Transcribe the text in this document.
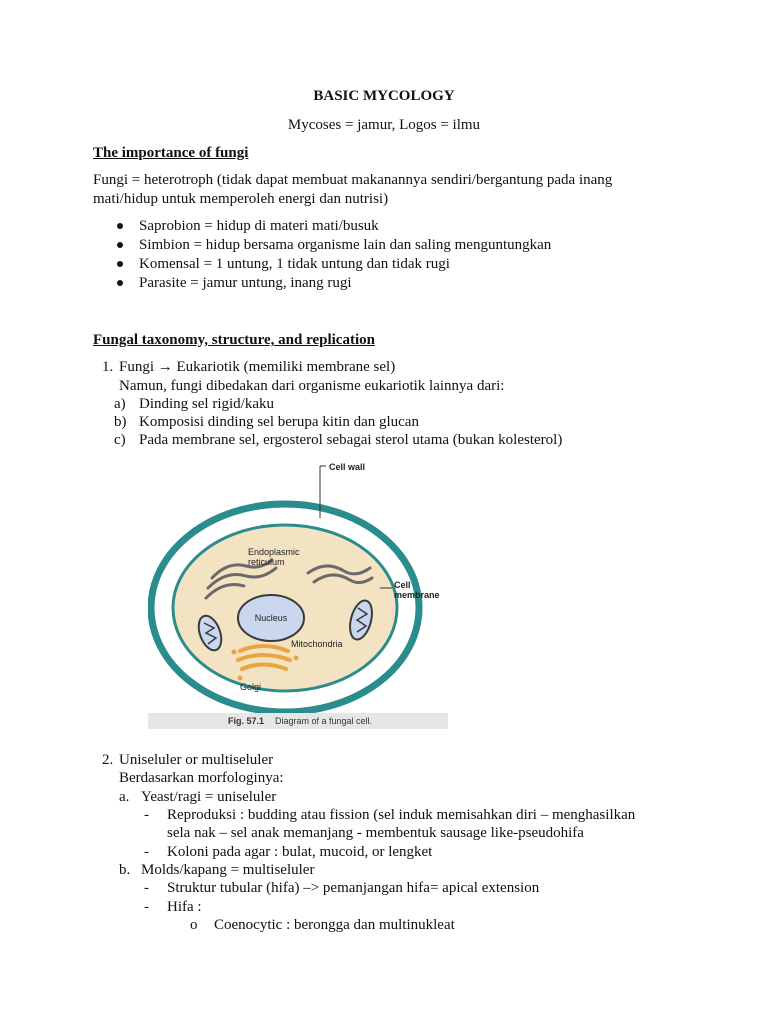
BASIC MYCOLOGY
Mycoses = jamur, Logos = ilmu
The importance of fungi
Fungi = heterotroph (tidak dapat membuat makanannya sendiri/bergantung pada inang
mati/hidup untuk memperoleh energi dan nutrisi)
Saprobion = hidup di materi mati/busuk
Simbion = hidup bersama organisme lain dan saling menguntungkan
Komensal = 1 untung, 1 tidak untung dan tidak rugi
Parasite = jamur untung, inang rugi
Fungal taxonomy, structure, and replication
1. Fungi → Eukariotik (memiliki membrane sel)
Namun, fungi dibedakan dari organisme eukariotik lainnya dari:
a) Dinding sel rigid/kaku
b) Komposisi dinding sel berupa kitin dan glucan
c) Pada membrane sel, ergosterol sebagai sterol utama (bukan kolesterol)
Cell wall
Endoplasmic
reticulum
Cell
membrane
Nucleus
Mitochondria
Golgi
Fig. 57.1 Diagram of a fungal cell.
2. Uniseluler or multiseluler
Berdasarkan morfologinya:
a. Yeast/ragi = uniseluler
- Reproduksi : budding atau fission (sel induk memisahkan diri – menghasilkan
sela nak – sel anak memanjang - membentuk sausage like-pseudohifa
- Koloni pada agar : bulat, mucoid, or lengket
b. Molds/kapang = multiseluler
- Struktur tubular (hifa) –> pemanjangan hifa= apical extension
- Hifa :
o Coenocytic : berongga dan multinukleat
